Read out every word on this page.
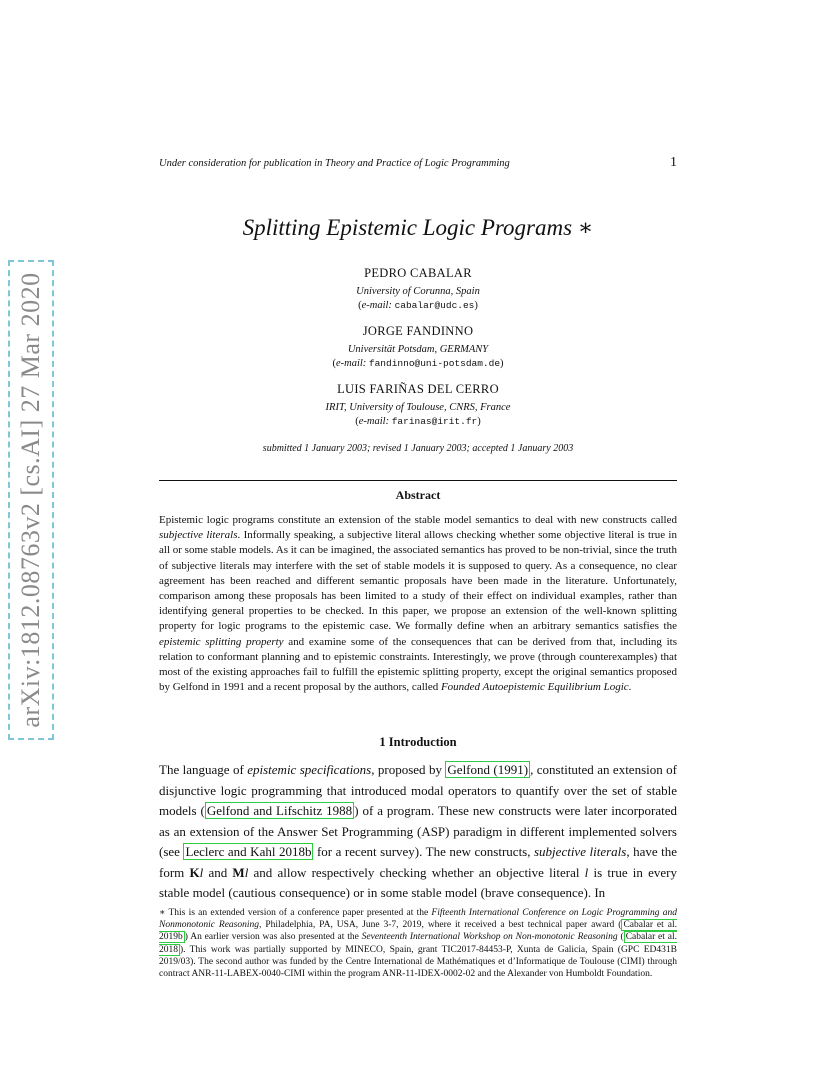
arXiv:1812.08763v2 [cs.AI] 27 Mar 2020
Under consideration for publication in Theory and Practice of Logic Programming	1
Splitting Epistemic Logic Programs ∗
PEDRO CABALAR
University of Corunna, Spain
(e-mail: cabalar@udc.es)
JORGE FANDINNO
Universität Potsdam, GERMANY
(e-mail: fandinno@uni-potsdam.de)
LUIS FARIÑAS DEL CERRO
IRIT, University of Toulouse, CNRS, France
(e-mail: farinas@irit.fr)
submitted 1 January 2003; revised 1 January 2003; accepted 1 January 2003
Abstract
Epistemic logic programs constitute an extension of the stable model semantics to deal with new constructs called subjective literals. Informally speaking, a subjective literal allows checking whether some objective literal is true in all or some stable models. As it can be imagined, the associated semantics has proved to be non-trivial, since the truth of subjective literals may interfere with the set of stable models it is supposed to query. As a consequence, no clear agreement has been reached and different semantic proposals have been made in the literature. Unfortunately, comparison among these proposals has been limited to a study of their effect on individual examples, rather than identifying general properties to be checked. In this paper, we propose an extension of the well-known splitting property for logic programs to the epistemic case. We formally define when an arbitrary semantics satisfies the epistemic splitting property and examine some of the consequences that can be derived from that, including its relation to conformant planning and to epistemic constraints. Interestingly, we prove (through counterexamples) that most of the existing approaches fail to fulfill the epistemic splitting property, except the original semantics proposed by Gelfond in 1991 and a recent proposal by the authors, called Founded Autoepistemic Equilibrium Logic.
1 Introduction
The language of epistemic specifications, proposed by Gelfond (1991) , constituted an extension of disjunctive logic programming that introduced modal operators to quantify over the set of stable models ( Gelfond and Lifschitz 1988 ) of a program. These new constructs were later incorporated as an extension of the Answer Set Programming (ASP) paradigm in different implemented solvers (see Leclerc and Kahl 2018b for a recent survey). The new constructs, subjective literals, have the form Kl and Ml and allow respectively checking whether an objective literal l is true in every stable model (cautious consequence) or in some stable model (brave consequence). In
∗ This is an extended version of a conference paper presented at the Fifteenth International Conference on Logic Programming and Nonmonotonic Reasoning, Philadelphia, PA, USA, June 3-7, 2019, where it received a best technical paper award ( Cabalar et al. 2019b ) An earlier version was also presented at the Seventeenth International Workshop on Non-monotonic Reasoning ( Cabalar et al. 2018 ). This work was partially supported by MINECO, Spain, grant TIC2017-84453-P, Xunta de Galicia, Spain (GPC ED431B 2019/03). The second author was funded by the Centre International de Mathématiques et d’Informatique de Toulouse (CIMI) through contract ANR-11-LABEX-0040-CIMI within the program ANR-11-IDEX-0002-02 and the Alexander von Humboldt Foundation.
